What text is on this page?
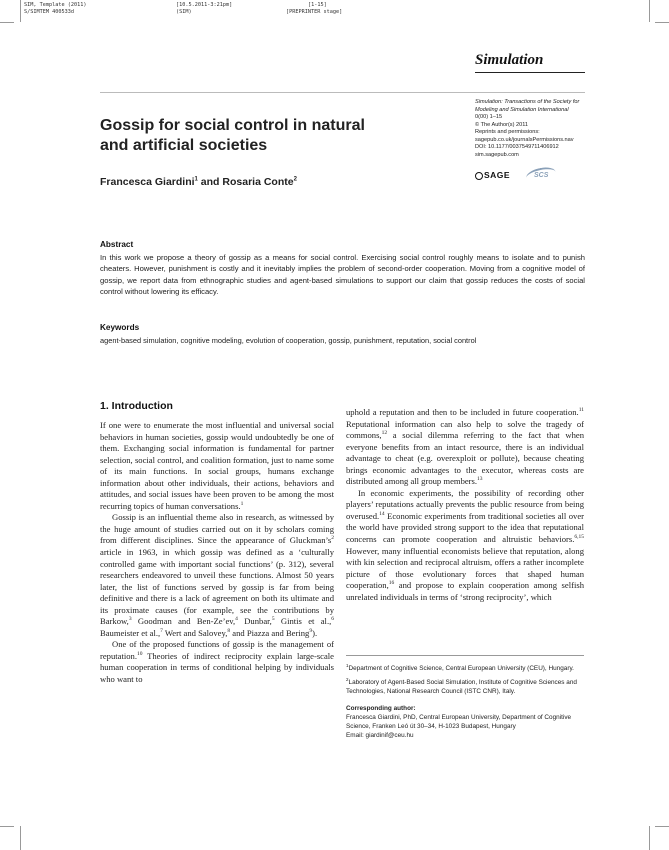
SIM, Template (2011)
S/SIMTEM 400533d
[10.5.2011-3:21pm]
(SIM)
[1-15]
[PREPRINTER stage]
Simulation
Simulation: Transactions of the Society for
Modeling and Simulation International
0(00) 1–15
© The Author(s) 2011
Reprints and permissions:
sagepub.co.uk/journalsPermissions.nav
DOI: 10.1177/0037549711406912
sim.sagepub.com
SAGE	SCS
Gossip for social control in natural
and artificial societies
Francesca Giardini$^1$ and Rosaria Conte$^2$
Abstract
In this work we propose a theory of gossip as a means for social control. Exercising social control roughly means to isolate and to punish cheaters. However, punishment is costly and it inevitably implies the problem of second-order cooperation. Moving from a cognitive model of gossip, we report data from ethnographic studies and agent-based simulations to support our claim that gossip reduces the costs of social control without lowering its efficacy.
Keywords
agent-based simulation, cognitive modeling, evolution of cooperation, gossip, punishment, reputation, social control
1. Introduction

If one were to enumerate the most influential and universal social behaviors in human societies, gossip would undoubtedly be one of them. Exchanging social information is fundamental for partner selection, social control, and coalition formation, just to name some of its main functions. In social groups, humans exchange information about other individuals, their actions, behaviors and attitudes, and social issues have been proven to be among the most recurring topics of human conversations.$^1$

Gossip is an influential theme also in research, as witnessed by the huge amount of studies carried out on it by scholars coming from different disciplines. Since the appearance of $Gluckman’s^2$ article in 1963, in which gossip was defined as a ‘culturally controlled game with important social functions’ (p. 312), several researchers endeavored to unveil these functions. Almost 50 years later, the list of functions served by gossip is far from being definitive and there is a lack of agreement on both its ultimate and its proximate causes (for example, see the contributions by Barkow,$^3$ Goodman and Ben-Ze’ev,$^4$ Dunbar,$^5$ Gintis et al.,$^6$ Baumeister et al.,$^7$ Wert and Salovey,$^8$ and Piazza and Bering$^9$).

One of the proposed functions of gossip is the management of reputation.$^{10}$ Theories of indirect reciprocity explain large-scale human cooperation in terms of conditional helping by individuals who want to

uphold a reputation and then to be included in future cooperation.$^{11}$ Reputational information can also help to solve the tragedy of commons,$^{12}$ a social dilemma referring to the fact that when everyone benefits from an intact resource, there is an individual advantage to cheat (e.g. overexploit or pollute), because cheating brings economic advantages to the executor, whereas costs are distributed among all group members.$^{13}$

In economic experiments, the possibility of recording other players’ reputations actually prevents the public resource from being overused.$^{14}$ Economic experiments from traditional societies all over the world have provided strong support to the idea that reputational concerns can promote cooperation and altruistic behaviors.$^{6,15}$ However, many influential economists believe that reputation, along with kin selection and reciprocal altruism, offers a rather incomplete picture of those evolutionary forces that shaped human cooperation,$^{16}$ and propose to explain cooperation among selfish unrelated individuals in terms of ‘strong reciprocity’, which

$^1$Department of Cognitive Science, Central European University (CEU), Hungary.
$^2$Laboratory of Agent-Based Social Simulation, Institute of Cognitive Sciences and Technologies, National Research Council (ISTC CNR), Italy.
Corresponding author:
Francesca Giardini, PhD, Central European University, Department of Cognitive Science, Franken Leó út 30–34, H-1023 Budapest, Hungary
Email: giardinif@ceu.hu
